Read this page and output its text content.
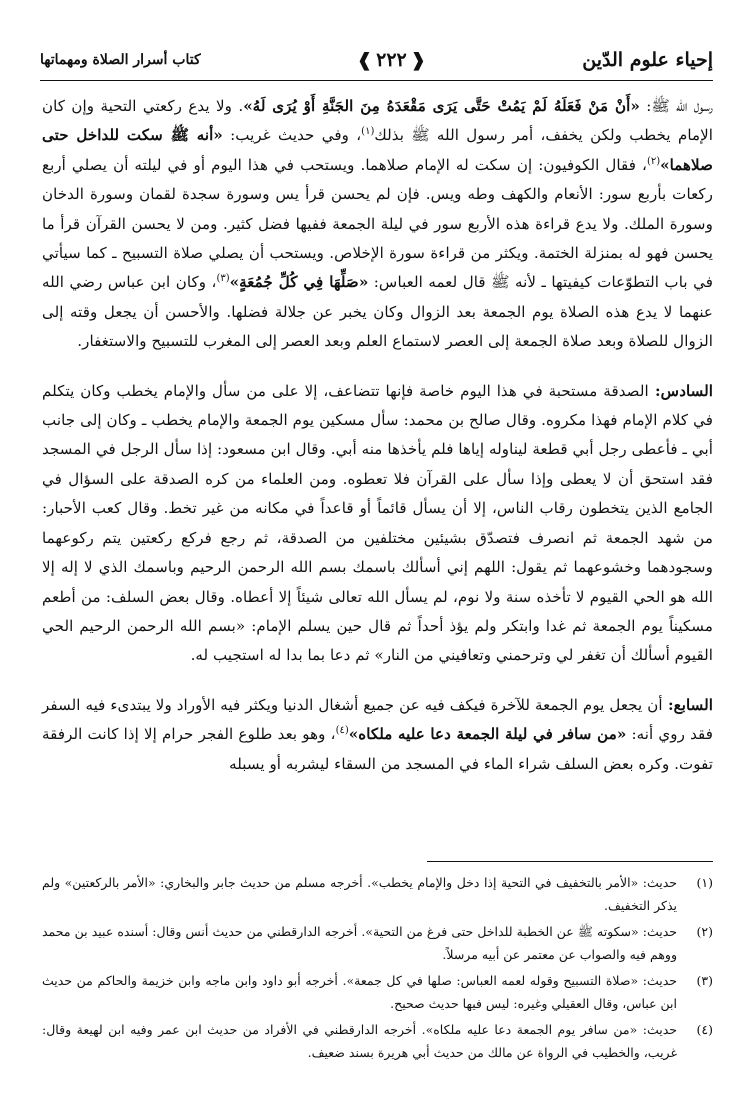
إحياء علوم الدّين
❰
٢٢٢
❱
كتاب أسرار الصلاة ومهماتها

رسول الله ﷺ: «أَنْ مَنْ فَعَلَهُ لَمْ يَمُتْ حَتَّى يَرَى مَقْعَدَهُ مِنَ الجَنَّةِ أَوْ يُرَى لَهُ». ولا يدع ركعتي التحية وإن كان الإمام يخطب ولكن يخفف، أمر رسول الله ﷺ بذلك$^{(١)}$، وفي حديث غريب: «أنه ﷺ سكت للداخل حتى صلاهما»$^{(٢)}$، فقال الكوفيون: إن سكت له الإمام صلاهما. ويستحب في هذا اليوم أو في ليلته أن يصلي أربع ركعات بأربع سور: الأنعام والكهف وطه ويس. فإن لم يحسن قرأ يس وسورة سجدة لقمان وسورة الدخان وسورة الملك. ولا يدع قراءة هذه الأربع سور في ليلة الجمعة ففيها فضل كثير. ومن لا يحسن القرآن قرأ ما يحسن فهو له بمنزلة الختمة. ويكثر من قراءة سورة الإخلاص. ويستحب أن يصلي صلاة التسبيح ـ كما سيأتي في باب التطوّعات كيفيتها ـ لأنه ﷺ قال لعمه العباس: «صَلِّهَا فِي كُلِّ جُمُعَةٍ»$^{(٣)}$، وكان ابن عباس رضي الله عنهما لا يدع هذه الصلاة يوم الجمعة بعد الزوال وكان يخبر عن جلالة فضلها. والأحسن أن يجعل وقته إلى الزوال للصلاة وبعد صلاة الجمعة إلى العصر لاستماع العلم وبعد العصر إلى المغرب للتسبيح والاستغفار.

السادس: الصدقة مستحبة في هذا اليوم خاصة فإنها تتضاعف، إلا على من سأل والإمام يخطب وكان يتكلم في كلام الإمام فهذا مكروه. وقال صالح بن محمد: سأل مسكين يوم الجمعة والإمام يخطب ـ وكان إلى جانب أبي ـ فأعطى رجل أبي قطعة ليناوله إياها فلم يأخذها منه أبي. وقال ابن مسعود: إذا سأل الرجل في المسجد فقد استحق أن لا يعطى وإذا سأل على القرآن فلا تعطوه. ومن العلماء من كره الصدقة على السؤال في الجامع الذين يتخطون رقاب الناس، إلا أن يسأل قائماً أو قاعداً في مكانه من غير تخط. وقال كعب الأحبار: من شهد الجمعة ثم انصرف فتصدّق بشيئين مختلفين من الصدقة، ثم رجع فركع ركعتين يتم ركوعهما وسجودهما وخشوعهما ثم يقول: اللهم إني أسألك باسمك بسم الله الرحمن الرحيم وباسمك الذي لا إله إلا الله هو الحي القيوم لا تأخذه سنة ولا نوم، لم يسأل الله تعالى شيئاً إلا أعطاه. وقال بعض السلف: من أطعم مسكيناً يوم الجمعة ثم غدا وابتكر ولم يؤذ أحداً ثم قال حين يسلم الإمام: «بسم الله الرحمن الرحيم الحي القيوم أسألك أن تغفر لي وترحمني وتعافيني من النار» ثم دعا بما بدا له استجيب له.

السابع: أن يجعل يوم الجمعة للآخرة فيكف فيه عن جميع أشغال الدنيا ويكثر فيه الأوراد ولا يبتدىء فيه السفر فقد روي أنه: «من سافر في ليلة الجمعة دعا عليه ملكاه»$^{(٤)}$، وهو بعد طلوع الفجر حرام إلا إذا كانت الرفقة تفوت. وكره بعض السلف شراء الماء في المسجد من السقاء ليشربه أو يسبله

(١)
حديث: «الأمر بالتخفيف في التحية إذا دخل والإمام يخطب». أخرجه مسلم من حديث جابر والبخاري: «الأمر بالركعتين» ولم يذكر التخفيف.
(٢)
حديث: «سكوته ﷺ عن الخطبة للداخل حتى فرغ من التحية». أخرجه الدارقطني من حديث أنس وقال: أسنده عبيد بن محمد ووهم فيه والصواب عن معتمر عن أبيه مرسلاً.
(٣)
حديث: «صلاة التسبيح وقوله لعمه العباس: صلها في كل جمعة». أخرجه أبو داود وابن ماجه وابن خزيمة والحاكم من حديث ابن عباس، وقال العقيلي وغيره: ليس فيها حديث صحيح.
(٤)
حديث: «من سافر يوم الجمعة دعا عليه ملكاه». أخرجه الدارقطني في الأفراد من حديث ابن عمر وفيه ابن لهيعة وقال: غريب، والخطيب في الرواة عن مالك من حديث أبي هريرة بسند ضعيف.
